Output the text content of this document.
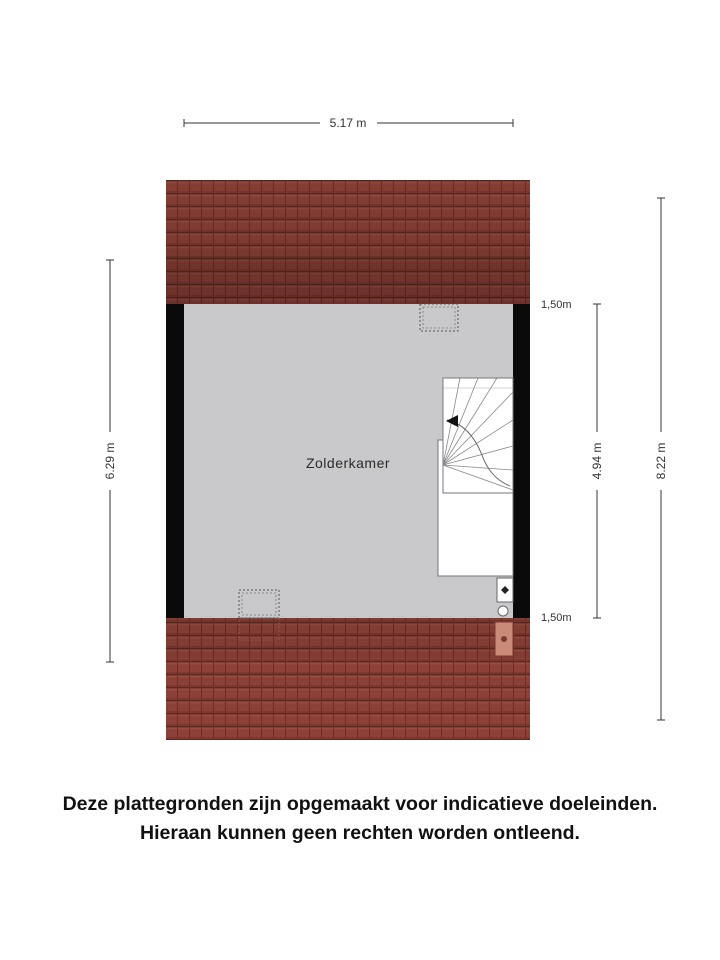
Zolderkamer
5.17 m
6.29 m	4.94 m	8.22 m
1,50m
1,50m
Deze plattegronden zijn opgemaakt voor indicatieve doeleinden.
Hieraan kunnen geen rechten worden ontleend.
